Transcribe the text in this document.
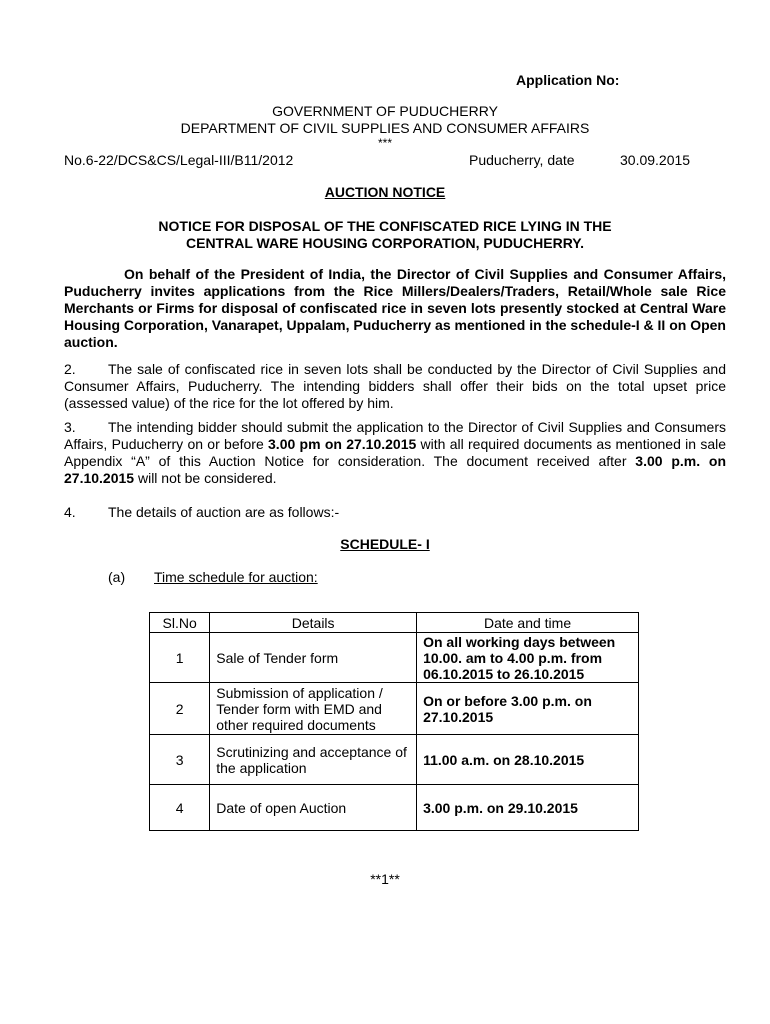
Application No:
GOVERNMENT OF PUDUCHERRY
DEPARTMENT OF CIVIL SUPPLIES AND CONSUMER AFFAIRS
***
No.6-22/DCS&CS/Legal-III/B11/2012	Puducherry, date	30.09.2015
AUCTION NOTICE
NOTICE FOR DISPOSAL OF THE CONFISCATED RICE LYING IN THE
CENTRAL WARE HOUSING CORPORATION, PUDUCHERRY.

On behalf of the President of India, the Director of Civil Supplies and Consumer Affairs, Puducherry invites applications from the Rice Millers/Dealers/Traders, Retail/Whole sale Rice Merchants or Firms for disposal of confiscated rice in seven lots presently stocked at Central Ware Housing Corporation, Vanarapet, Uppalam, Puducherry as mentioned in the schedule-I & II on Open auction.

2. The sale of confiscated rice in seven lots shall be conducted by the Director of Civil Supplies and Consumer Affairs, Puducherry. The intending bidders shall offer their bids on the total upset price (assessed value) of the rice for the lot offered by him.

3. The intending bidder should submit the application to the Director of Civil Supplies and Consumers Affairs, Puducherry on or before 3.00 pm on 27.10.2015 with all required documents as mentioned in sale Appendix “A” of this Auction Notice for consideration. The document received after 3.00 p.m. on 27.10.2015 will not be considered.

4. The details of auction are as follows:-

SCHEDULE- I
(a) Time schedule for auction:
Sl.No	Details	Date and time
1	Sale of Tender form	On all working days between 10.00. am to 4.00 p.m. from 06.10.2015 to 26.10.2015
2	Submission of application / Tender form with EMD and other required documents	On or before 3.00 p.m. on 27.10.2015
3	Scrutinizing and acceptance of the application	11.00 a.m. on 28.10.2015
4	Date of open Auction	3.00 p.m. on 29.10.2015
**1**
